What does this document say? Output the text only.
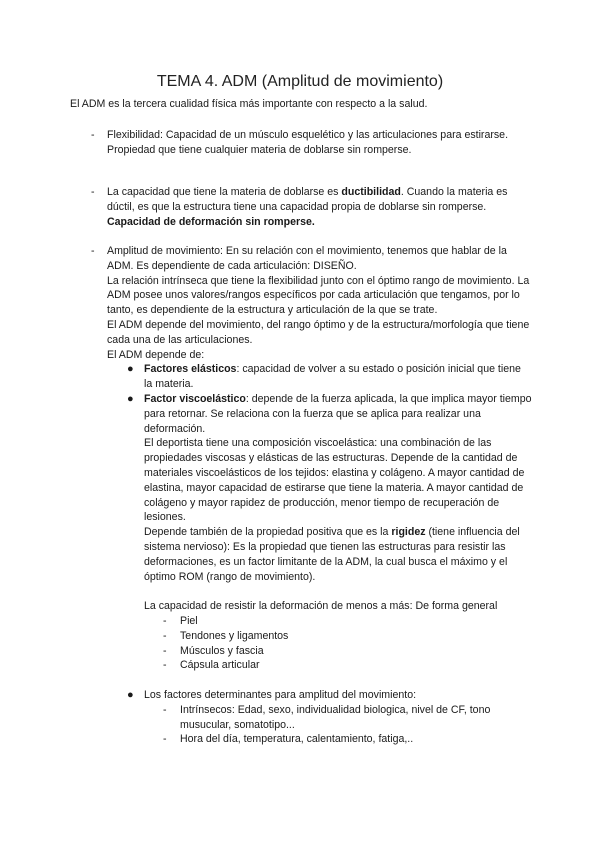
TEMA 4. ADM (Amplitud de movimiento)

El ADM es la tercera cualidad física más importante con respecto a la salud.

- Flexibilidad: Capacidad de un músculo esquelético y las articulaciones para estirarse.

Propiedad que tiene cualquier materia de doblarse sin romperse.

- La capacidad que tiene la materia de doblarse es ductibilidad. Cuando la materia es dúctil, es que la estructura tiene una capacidad propia de doblarse sin romperse.

Capacidad de deformación sin romperse.

- Amplitud de movimiento: En su relación con el movimiento, tenemos que hablar de la ADM. Es dependiente de cada articulación: DISEÑO.

La relación intrínseca que tiene la flexibilidad junto con el óptimo rango de movimiento. La ADM posee unos valores/rangos específicos por cada articulación que tengamos, por lo tanto, es dependiente de la estructura y articulación de la que se trate.

El ADM depende del movimiento, del rango óptimo y de la estructura/morfología que tiene cada una de las articulaciones.

El ADM depende de:

● Factores elásticos: capacidad de volver a su estado o posición inicial que tiene la materia.

● Factor viscoelástico: depende de la fuerza aplicada, la que implica mayor tiempo para retornar. Se relaciona con la fuerza que se aplica para realizar una deformación.

El deportista tiene una composición viscoelástica: una combinación de las propiedades viscosas y elásticas de las estructuras. Depende de la cantidad de materiales viscoelásticos de los tejidos: elastina y colágeno. A mayor cantidad de elastina, mayor capacidad de estirarse que tiene la materia. A mayor cantidad de colágeno y mayor rapidez de producción, menor tiempo de recuperación de lesiones.

Depende también de la propiedad positiva que es la rigidez (tiene influencia del sistema nervioso): Es la propiedad que tienen las estructuras para resistir las deformaciones, es un factor limitante de la ADM, la cual busca el máximo y el óptimo ROM (rango de movimiento).

La capacidad de resistir la deformación de menos a más: De forma general

- Piel
- Tendones y ligamentos
- Músculos y fascia
- Cápsula articular
● Los factores determinantes para amplitud del movimiento:

- Intrínsecos: Edad, sexo, individualidad biologica, nivel de CF, tono musucular, somatotipo...
- Hora del día, temperatura, calentamiento, fatiga,..
